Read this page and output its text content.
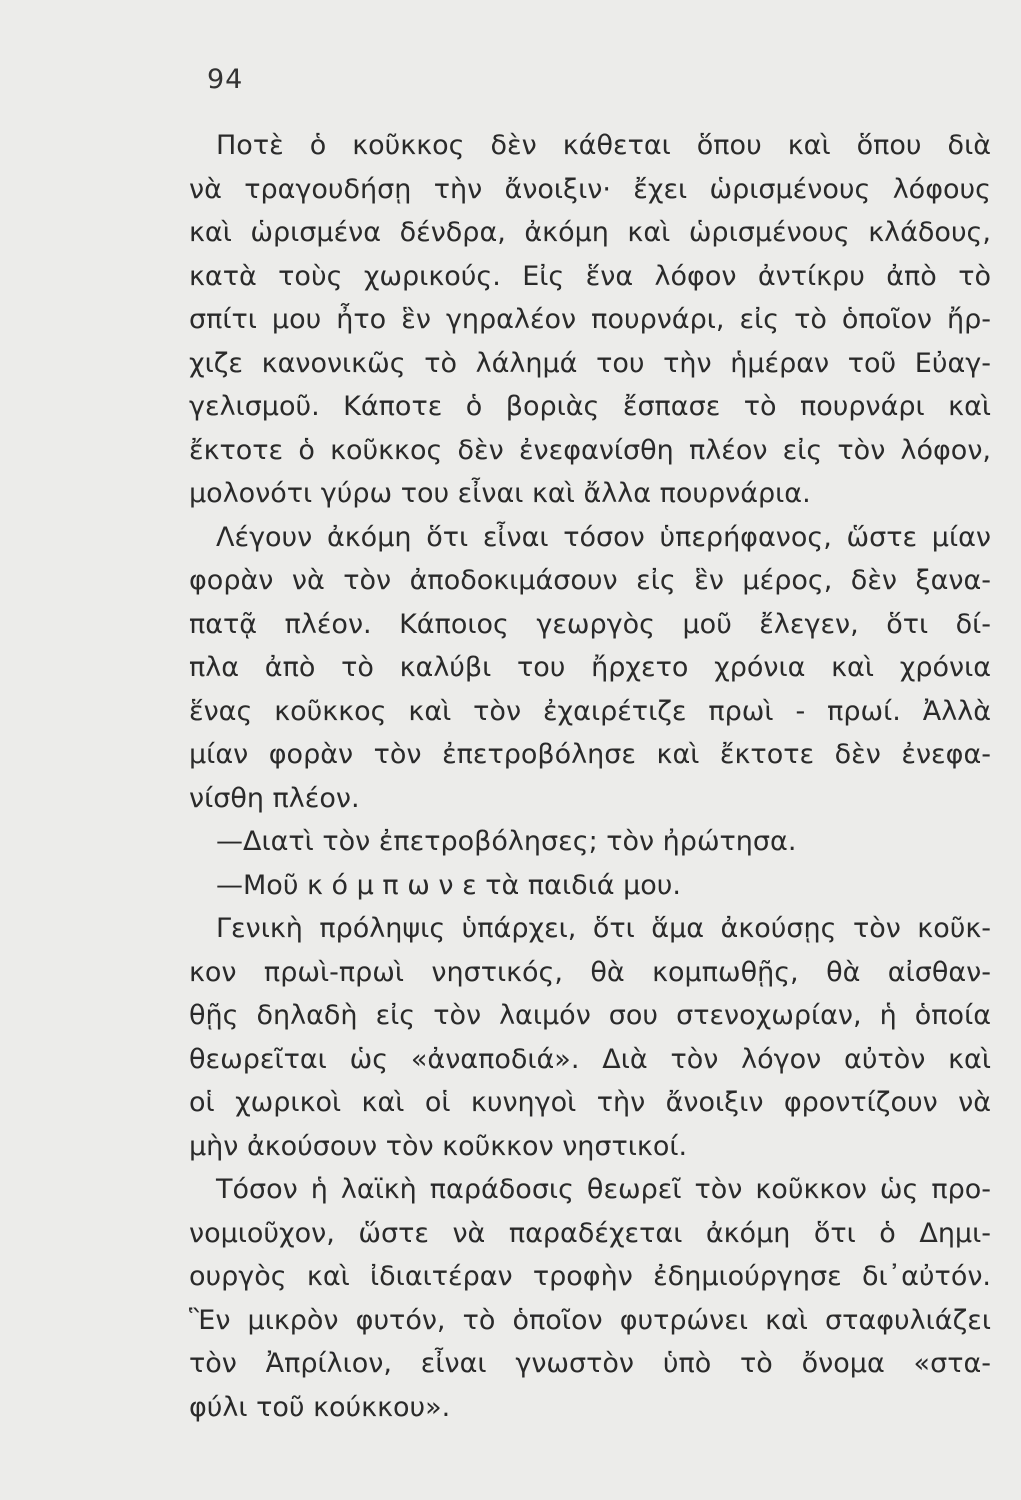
94
Ποτὲ ὁ κοῦκκος δὲν κάθεται ὅπου καὶ ὅπου διὰ
νὰ τραγουδήσῃ τὴν ἄνοιξιν· ἔχει ὡρισμένους λόφους
καὶ ὡρισμένα δένδρα, ἀκόμη καὶ ὡρισμένους κλάδους,
κατὰ τοὺς χωρικούς. Εἰς ἕνα λόφον ἀντίκρυ ἀπὸ τὸ
σπίτι μου ἦτο ἓν γηραλέον πουρνάρι, εἰς τὸ ὁποῖον ἤρ-
χιζε κανονικῶς τὸ λάλημά του τὴν ἡμέραν τοῦ Εὐαγ-
γελισμοῦ. Κάποτε ὁ βοριὰς ἔσπασε τὸ πουρνάρι καὶ
ἔκτοτε ὁ κοῦκκος δὲν ἐνεφανίσθη πλέον εἰς τὸν λόφον,
μολονότι γύρω του εἶναι καὶ ἄλλα πουρνάρια.
Λέγουν ἀκόμη ὅτι εἶναι τόσον ὑπερήφανος, ὥστε μίαν
φορὰν νὰ τὸν ἀποδοκιμάσουν εἰς ἓν μέρος, δὲν ξανα-
πατᾷ πλέον. Κάποιος γεωργὸς μοῦ ἔλεγεν, ὅτι δί-
πλα ἀπὸ τὸ καλύβι του ἤρχετο χρόνια καὶ χρόνια
ἕνας κοῦκκος καὶ τὸν ἐχαιρέτιζε πρωὶ - πρωί. Ἀλλὰ
μίαν φορὰν τὸν ἐπετροβόλησε καὶ ἔκτοτε δὲν ἐνεφα-
νίσθη πλέον.
—Διατὶ τὸν ἐπετροβόλησες; τὸν ἠρώτησα.
—Μοῦ κ ό μ π ω ν ε τὰ παιδιά μου.
Γενικὴ πρόληψις ὑπάρχει, ὅτι ἅμα ἀκούσῃς τὸν κοῦκ-
κον πρωὶ-πρωὶ νηστικός, θὰ κομπωθῇς, θὰ αἰσθαν-
θῇς δηλαδὴ εἰς τὸν λαιμόν σου στενοχωρίαν, ἡ ὁποία
θεωρεῖται ὡς «ἀναποδιά». Διὰ τὸν λόγον αὐτὸν καὶ
οἱ χωρικοὶ καὶ οἱ κυνηγοὶ τὴν ἄνοιξιν φροντίζουν νὰ
μὴν ἀκούσουν τὸν κοῦκκον νηστικοί.
Τόσον ἡ λαϊκὴ παράδοσις θεωρεῖ τὸν κοῦκκον ὡς προ-
νομιοῦχον, ὥστε νὰ παραδέχεται ἀκόμη ὅτι ὁ Δημι-
ουργὸς καὶ ἰδιαιτέραν τροφὴν ἐδημιούργησε δι᾽αὐτόν.
Ἓν μικρὸν φυτόν, τὸ ὁποῖον φυτρώνει καὶ σταφυλιάζει
τὸν Ἀπρίλιον, εἶναι γνωστὸν ὑπὸ τὸ ὄνομα «στα-
φύλι τοῦ κούκκου».
